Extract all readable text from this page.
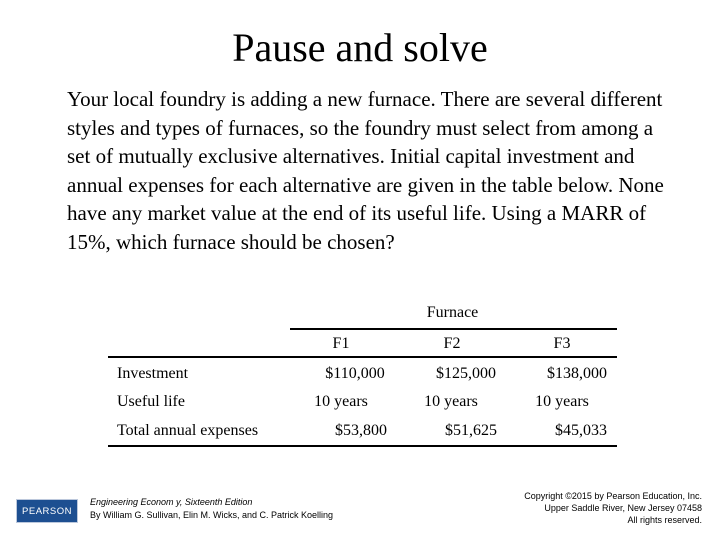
Pause and solve

Your local foundry is adding a new furnace. There are several different styles and types of furnaces, so the foundry must select from among a set of mutually exclusive alternatives. Initial capital investment and annual expenses for each alternative are given in the table below. None have any market value at the end of its useful life. Using a MARR of 15%, which furnace should be chosen?

Furnace
F1	F2	F3
Investment	$110,000	$125,000	$138,000
Useful life	10 years	10 years	10 years
Total annual expenses	$53,800	$51,625	$45,033
PEARSON
Engineering Econom y, Sixteenth Edition
By William G. Sullivan, Elin M. Wicks, and C. Patrick Koelling
Copyright ©2015 by Pearson Education, Inc.
Upper Saddle River, New Jersey 07458
All rights reserved.
